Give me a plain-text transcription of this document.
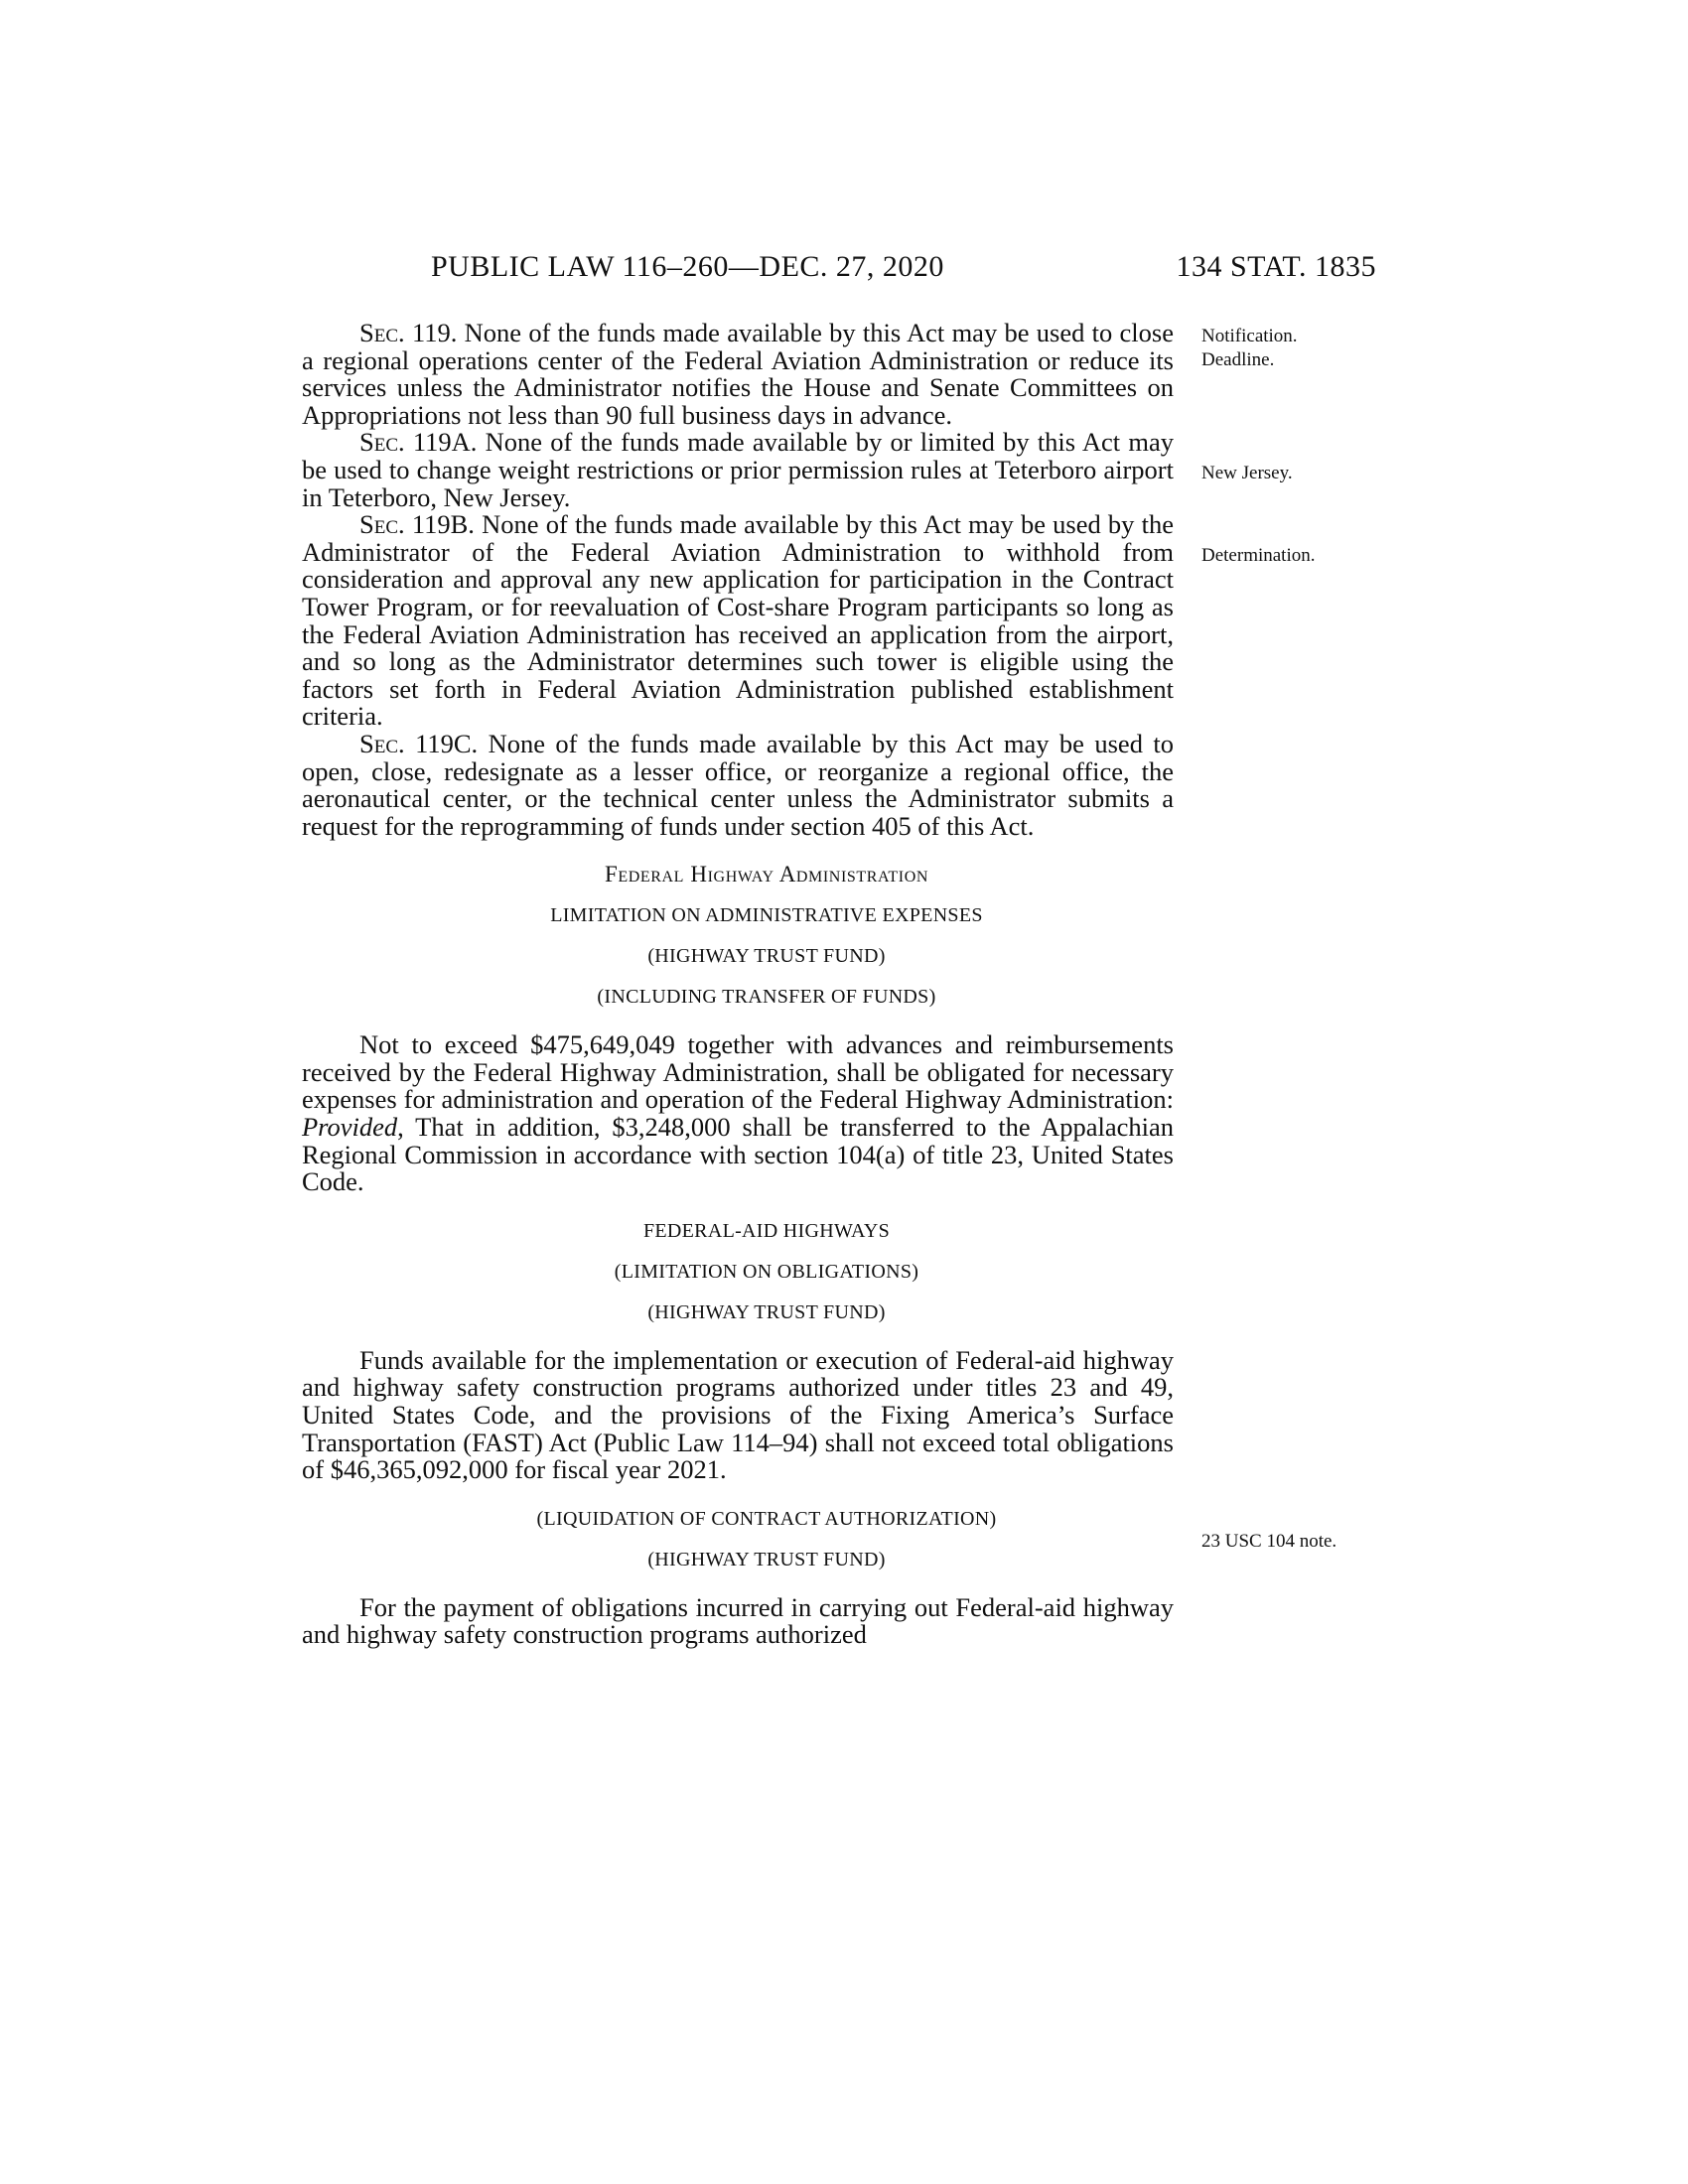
PUBLIC LAW 116–260—DEC. 27, 2020	134 STAT. 1835
Notification.
Deadline.
New Jersey.
Determination.
23 USC 104 note.

Sec. 119. None of the funds made available by this Act may be used to close a regional operations center of the Federal Aviation Administration or reduce its services unless the Administrator notifies the House and Senate Committees on Appropriations not less than 90 full business days in advance.

Sec. 119A. None of the funds made available by or limited by this Act may be used to change weight restrictions or prior permission rules at Teterboro airport in Teterboro, New Jersey.

Sec. 119B. None of the funds made available by this Act may be used by the Administrator of the Federal Aviation Administration to withhold from consideration and approval any new application for participation in the Contract Tower Program, or for reevaluation of Cost-share Program participants so long as the Federal Aviation Administration has received an application from the airport, and so long as the Administrator determines such tower is eligible using the factors set forth in Federal Aviation Administration published establishment criteria.

Sec. 119C. None of the funds made available by this Act may be used to open, close, redesignate as a lesser office, or reorganize a regional office, the aeronautical center, or the technical center unless the Administrator submits a request for the reprogramming of funds under section 405 of this Act.

Federal Highway Administration

LIMITATION ON ADMINISTRATIVE EXPENSES

(HIGHWAY TRUST FUND)

(INCLUDING TRANSFER OF FUNDS)

Not to exceed $475,649,049 together with advances and reimbursements received by the Federal Highway Administration, shall be obligated for necessary expenses for administration and operation of the Federal Highway Administration: Provided, That in addition, $3,248,000 shall be transferred to the Appalachian Regional Commission in accordance with section 104(a) of title 23, United States Code.

FEDERAL-AID HIGHWAYS

(LIMITATION ON OBLIGATIONS)

(HIGHWAY TRUST FUND)

Funds available for the implementation or execution of Federal-aid highway and highway safety construction programs authorized under titles 23 and 49, United States Code, and the provisions of the Fixing America’s Surface Transportation (FAST) Act (Public Law 114–94) shall not exceed total obligations of $46,365,092,000 for fiscal year 2021.

(LIQUIDATION OF CONTRACT AUTHORIZATION)

(HIGHWAY TRUST FUND)

For the payment of obligations incurred in carrying out Federal-aid highway and highway safety construction programs authorized
